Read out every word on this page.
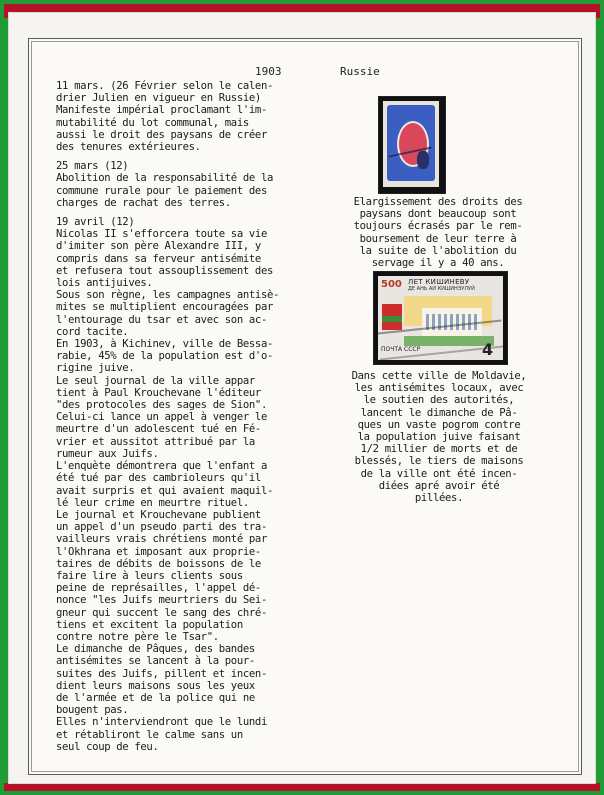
1903	Russie

11 mars. (26 Février selon le calen-
drier Julien en vigueur en Russie)
Manifeste impérial proclamant l'im-
mutabilité du lot communal, mais
aussi le droit des paysans de créer
des tenures extérieures.

25 mars (12)
Abolition de la responsabilité de la
commune rurale pour le paiement des
charges de rachat des terres.

19 avril (12)
Nicolas II s'efforcera toute sa vie
d'imiter son père Alexandre III, y
compris dans sa ferveur antisémite
et refusera tout assouplissement des
lois antijuives.
Sous son règne, les campagnes antisè-
mites se multiplient encouragées par
l'entourage du tsar et avec son ac-
cord tacite.
En 1903, à Kichinev, ville de Bessa-
rabie, 45% de la population est d'o-
rigine juive.
Le seul journal de la ville appar
tient à Paul Krouchevane l'éditeur
"des protocoles des sages de Sion".
Celui-ci lance un appel à venger le
meurtre d'un adolescent tué en Fé-
vrier et aussitot attribué par la
rumeur aux Juifs.
L'enquète démontrera que l'enfant a
été tué par des cambrioleurs qu'il
avait surpris et qui avaient maquil-
lé leur crime en meurtre rituel.
Le journal et Krouchevane publient
un appel d'un pseudo parti des tra-
vailleurs vrais chrétiens monté par
l'Okhrana et imposant aux proprie-
taires de débits de boissons de le
faire lire à leurs clients sous
peine de représailles, l'appel dé-
nonce "les Juifs meurtriers du Sei-
gneur qui succent le sang des chré-
tiens et excitent la population
contre notre père le Tsar".
Le dimanche de Pâques, des bandes
antisémites se lancent à la pour-
suites des Juifs, pillent et incen-
dient leurs maisons sous les yeux
de l'armée et de la police qui ne
bougent pas.
Elles n'interviendront que le lundi
et rétabliront le calme sans un
seul coup de feu.

Elargissement des droits des
paysans dont beaucoup sont
toujours écrasés par le rem-
boursement de leur terre à
la suite de l'abolition du
servage il y a 40 ans.
500 ЛЕТ КИШИНЕВУ
ДЕ АНЬ АИ КИШИНЭУЛУЙ
ПОЧТА СССР	4
Dans cette ville de Moldavie,
les antisémites locaux, avec
le soutien des autorités,
lancent le dimanche de Pâ-
ques un vaste pogrom contre
la population juive faisant
1/2 millier de morts et de
blessés, le tiers de maisons
de la ville ont été incen-
diées apré avoir été
pillées.
